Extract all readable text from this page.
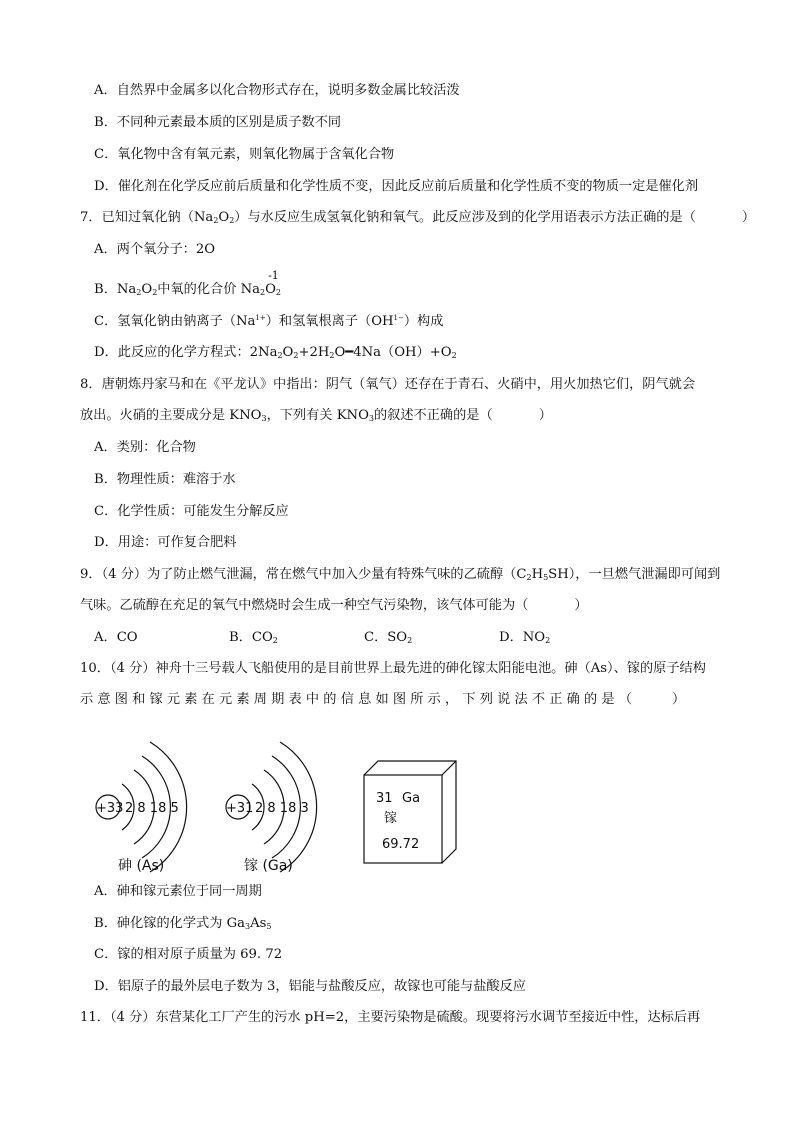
A．自然界中金属多以化合物形式存在，说明多数金属比较活泼
B．不同种元素最本质的区别是质子数不同
C．氧化物中含有氧元素，则氧化物属于含氧化合物
D．催化剂在化学反应前后质量和化学性质不变，因此反应前后质量和化学性质不变的物质一定是催化剂
7．已知过氧化钠$(Na_2O_2)$与水反应生成氢氧化钠和氧气。此反应涉及到的化学用语表示方法正确的是（	）
A．两个氧分子：2O
B．$Na_2O_2$中氧的化合价 $Na_2$
-1
$O_2$
C．氢氧化钠由钠离子$(Na^{1+})$和氢氧根离子$(OH^{1-})$构成
D．此反应的化学方程式：$2Na_2O_2+2H_2O━4Na(OH)+O_2$
8．唐朝炼丹家马和在《平龙认》中指出：阴气（氧气）还存在于青石、火硝中，用火加热它们，阴气就会
放出。火硝的主要成分是 $KNO_3$，下列有关 $KNO_3$的叙述不正确的是（	）
A．类别：化合物
B．物理性质：难溶于水
C．化学性质：可能发生分解反应
D．用途：可作复合肥料
9．（4 分）为了防止燃气泄漏，常在燃气中加入少量有特殊气味的乙硫醇$(C_2H_5SH)$，一旦燃气泄漏即可闻到
气味。乙硫醇在充足的氧气中燃烧时会生成一种空气污染物，该气体可能为（	）
A．CO	B．$CO_2$	C．$SO_2$	D．$NO_2$
10．（4 分）神舟十三号载人飞船使用的是目前世界上最先进的砷化镓太阳能电池。砷（As）、镓的原子结构
示 意 图 和 镓 元 素 在 元 素 周 期 表 中 的 信 息 如 图 所 示 ， 下 列 说 法 不 正 确 的 是 （	）
+33 2 8 18 5	+31 2 8 18 3
31 Ga
镓
69.72
砷 (As)	镓 (Ga)
A．砷和镓元素位于同一周期
B．砷化镓的化学式为 $Ga_3As_5$
C．镓的相对原子质量为 69. 72
D．铝原子的最外层电子数为 3，铝能与盐酸反应，故镓也可能与盐酸反应
11．（4 分）东营某化工厂产生的污水 pH=2，主要污染物是硫酸。现要将污水调节至接近中性，达标后再
